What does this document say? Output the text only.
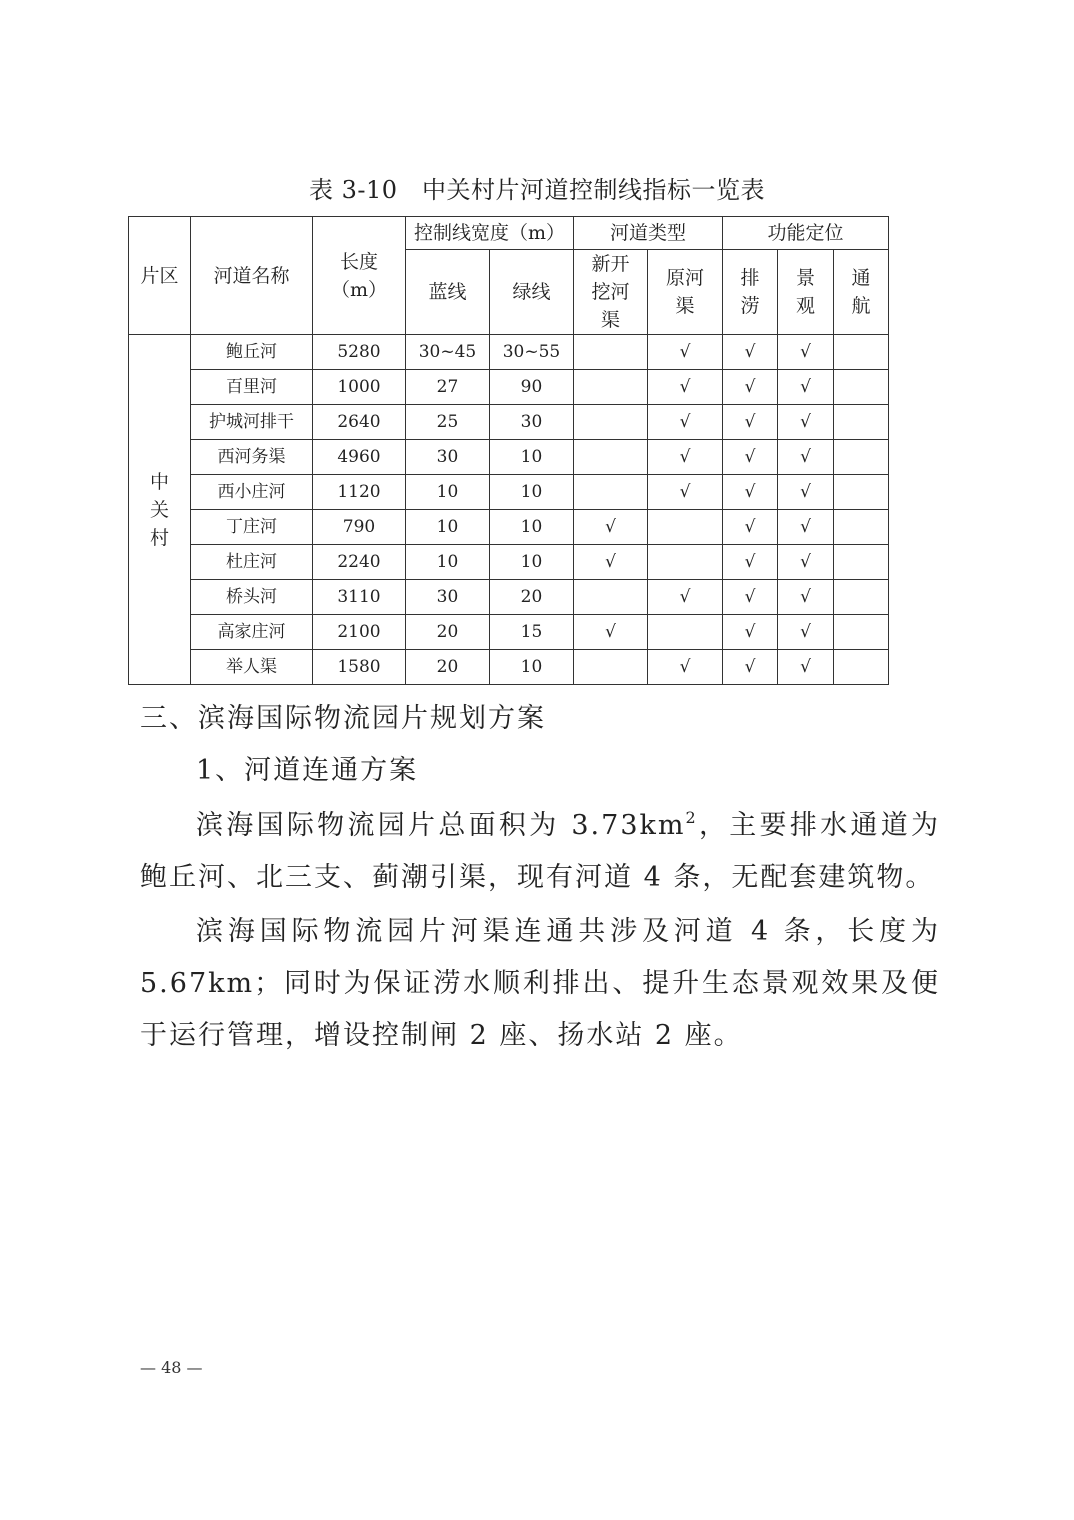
表 3-10　中关村片河道控制线指标一览表
片区	河道名称	长度（m）	控制线宽度（m）		河道类型		功能定位		
			蓝线	绿线	新开挖河渠	原河渠	排涝	景观	通航
中关村	鲍丘河	5280	30~45	30~55		√	√	√	
	百里河	1000	27	90		√	√	√	
	护城河排干	2640	25	30		√	√	√	
	西河务渠	4960	30	10		√	√	√	
	西小庄河	1120	10	10		√	√	√	
	丁庄河	790	10	10	√		√	√	
	杜庄河	2240	10	10	√		√	√	
	桥头河	3110	30	20		√	√	√	
	高家庄河	2100	20	15	√		√	√	
	举人渠	1580	20	10		√	√	√	
三、滨海国际物流园片规划方案
1、河道连通方案
滨海国际物流园片总面积为 $3.73km^2$，主要排水通道为鲍丘河、北三支、蓟潮引渠，现有河道 4 条，无配套建筑物。
滨海国际物流园片河渠连通共涉及河道 4 条，长度为 5.67km；同时为保证涝水顺利排出、提升生态景观效果及便于运行管理，增设控制闸 2 座、扬水站 2 座。
— 48 —
